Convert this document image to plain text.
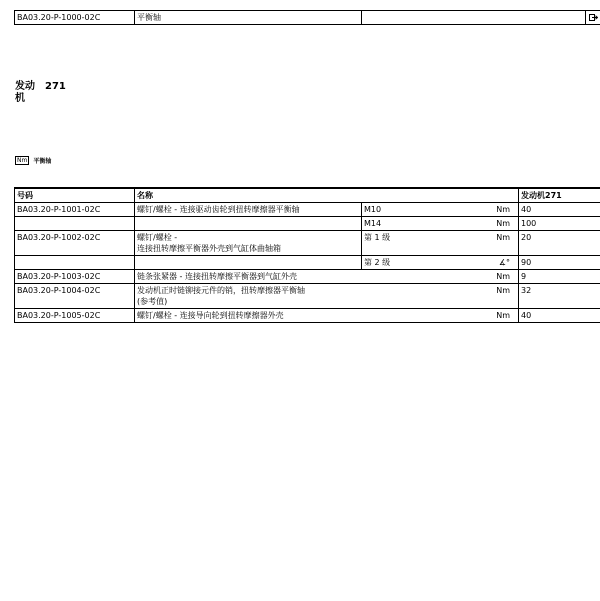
BA03.20-P-1000-02C	平衡轴		
发动 271
机
Nm	平衡轴
号码	名称			发动机271
BA03.20-P-1001-02C	螺钉/螺栓 - 连接驱动齿轮到扭转摩擦器平衡轴	M10	Nm	40
		M14	Nm	100
BA03.20-P-1002-02C	螺钉/螺栓 -
连接扭转摩擦平衡器外壳到气缸体曲轴箱	第 1 级	Nm	20
		第 2 级	∡°	90
BA03.20-P-1003-02C	链条张紧器 - 连接扭转摩擦平衡器到气缸外壳		Nm	9
BA03.20-P-1004-02C	发动机正时链铆接元件的销，扭转摩擦器平衡轴
(参考值)		Nm	32
BA03.20-P-1005-02C	螺钉/螺栓 - 连接导向轮到扭转摩擦器外壳		Nm	40
